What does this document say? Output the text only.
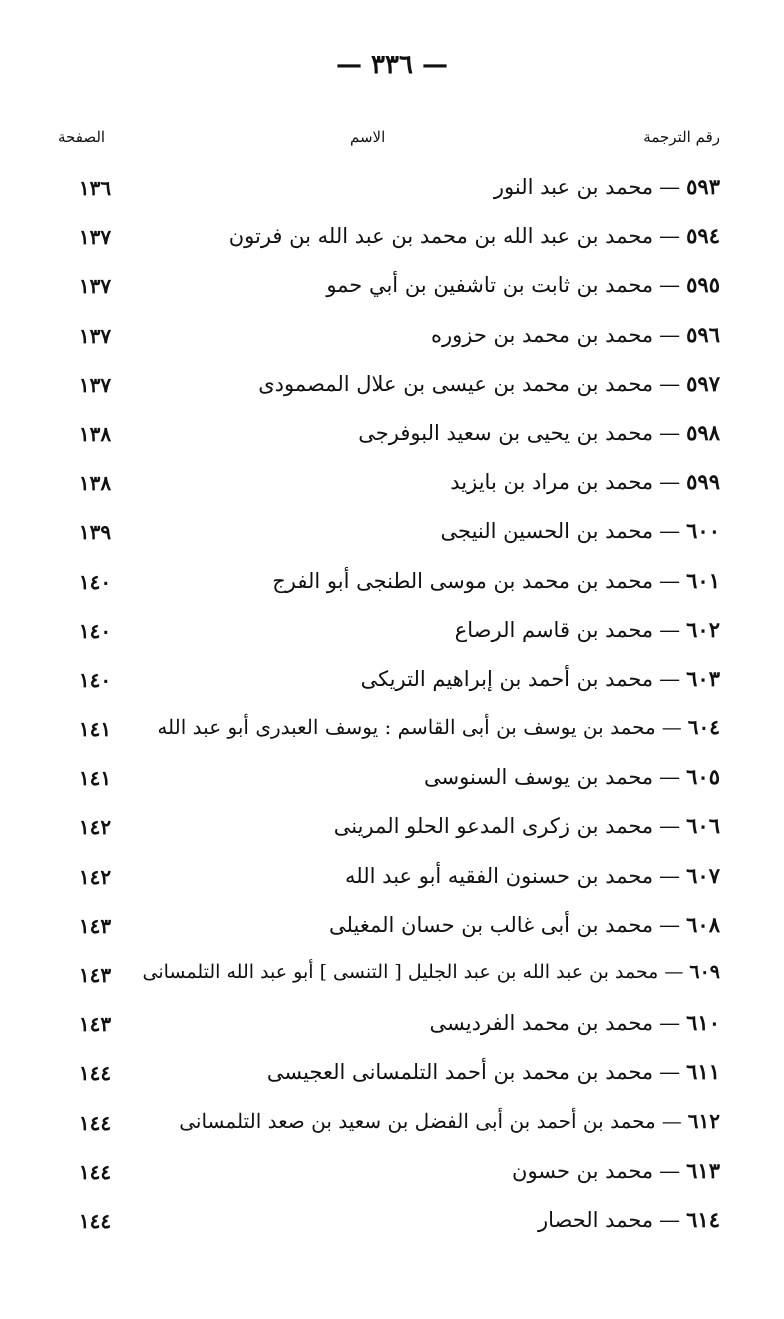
— ٣٣٦ —
رقم الترجمة
الاسم
الصفحة
٥٩٣—محمد بن عبد النور
١٣٦
٥٩٤—محمد بن عبد الله بن محمد بن عبد الله بن فرتون
١٣٧
٥٩٥—محمد بن ثابت بن تاشفين بن أبي حمو
١٣٧
٥٩٦—محمد بن محمد بن حزوره
١٣٧
٥٩٧—محمد بن محمد بن عيسى بن علال المصمودى
١٣٧
٥٩٨—محمد بن يحيى بن سعيد البوفرجى
١٣٨
٥٩٩—محمد بن مراد بن بايزيد
١٣٨
٦٠٠—محمد بن الحسين النيجى
١٣٩
٦٠١—محمد بن محمد بن موسى الطنجى أبو الفرج
١٤٠
٦٠٢—محمد بن قاسم الرصاع
١٤٠
٦٠٣—محمد بن أحمد بن إبراهيم التريكى
١٤٠
٦٠٤—محمد بن يوسف بن أبى القاسم : يوسف العبدرى أبو عبد الله
١٤١
٦٠٥—محمد بن يوسف السنوسى
١٤١
٦٠٦—محمد بن زكرى المدعو الحلو المرينى
١٤٢
٦٠٧—محمد بن حسنون الفقيه أبو عبد الله
١٤٢
٦٠٨—محمد بن أبى غالب بن حسان المغيلى
١٤٣
٦٠٩—محمد بن عبد الله بن عبد الجليل [ التنسى ] أبو عبد الله التلمسانى
١٤٣
٦١٠—محمد بن محمد الفرديسى
١٤٣
٦١١—محمد بن محمد بن أحمد التلمسانى العجيسى
١٤٤
٦١٢—محمد بن أحمد بن أبى الفضل بن سعيد بن صعد التلمسانى
١٤٤
٦١٣—محمد بن حسون
١٤٤
٦١٤—محمد الحصار
١٤٤
